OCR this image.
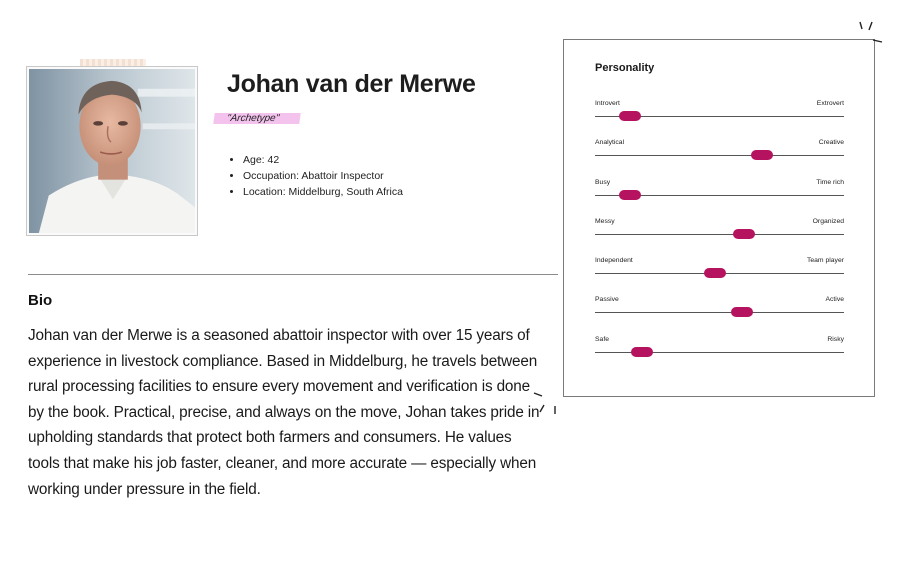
Johan van der Merwe
"Archetype"
• Age: 42
• Occupation: Abattoir Inspector
• Location: Middelburg, South Africa
Bio

Johan van der Merwe is a seasoned abattoir inspector with over 15 years of experience in livestock compliance. Based in Middelburg, he travels between rural processing facilities to ensure every movement and verification is done by the book. Practical, precise, and always on the move, Johan takes pride in upholding standards that protect both farmers and consumers. He values tools that make his job faster, cleaner, and more accurate — especially when working under pressure in the field.

Personality
Introvert	Extrovert
Analytical	Creative
Busy	Time rich
Messy	Organized
Independent	Team player
Passive	Active
Safe	Risky
